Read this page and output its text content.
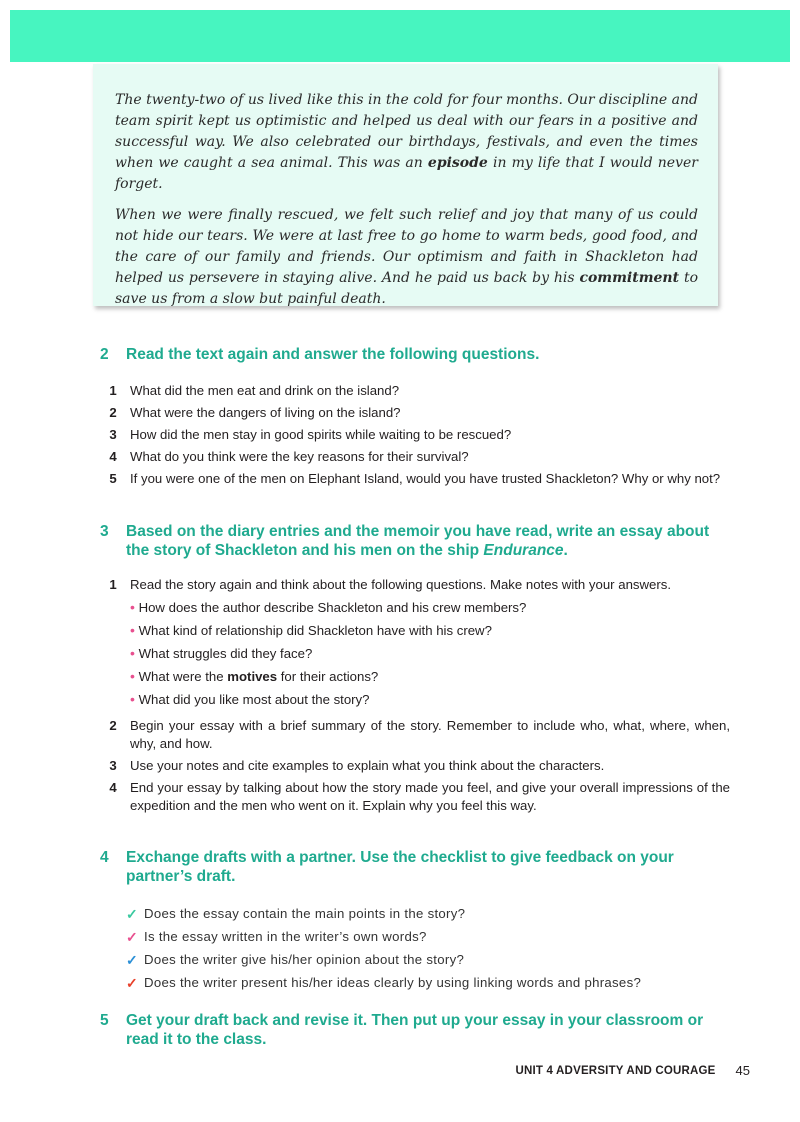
The twenty-two of us lived like this in the cold for four months. Our discipline and team spirit kept us optimistic and helped us deal with our fears in a positive and successful way. We also celebrated our birthdays, festivals, and even the times when we caught a sea animal. This was an episode in my life that I would never forget.

When we were finally rescued, we felt such relief and joy that many of us could not hide our tears. We were at last free to go home to warm beds, good food, and the care of our family and friends. Our optimism and faith in Shackleton had helped us persevere in staying alive. And he paid us back by his commitment to save us from a slow but painful death.

2	Read the text again and answer the following questions.
1	What did the men eat and drink on the island?
2	What were the dangers of living on the island?
3	How did the men stay in good spirits while waiting to be rescued?
4	What do you think were the key reasons for their survival?
5	If you were one of the men on Elephant Island, would you have trusted Shackleton? Why or why not?
3	Based on the diary entries and the memoir you have read, write an essay about the story of Shackleton and his men on the ship Endurance.
1	Read the story again and think about the following questions. Make notes with your answers.
• How does the author describe Shackleton and his crew members?
• What kind of relationship did Shackleton have with his crew?
• What struggles did they face?
• What were the motives for their actions?
• What did you like most about the story?
2	Begin your essay with a brief summary of the story. Remember to include who, what, where, when, why, and how.
3	Use your notes and cite examples to explain what you think about the characters.
4	End your essay by talking about how the story made you feel, and give your overall impressions of the expedition and the men who went on it. Explain why you feel this way.
4	Exchange drafts with a partner. Use the checklist to give feedback on your partner’s draft.
✓ Does the essay contain the main points in the story?
✓ Is the essay written in the writer’s own words?
✓ Does the writer give his/her opinion about the story?
✓ Does the writer present his/her ideas clearly by using linking words and phrases?
5	Get your draft back and revise it. Then put up your essay in your classroom or read it to the class.
UNIT 4 ADVERSITY AND COURAGE 45
